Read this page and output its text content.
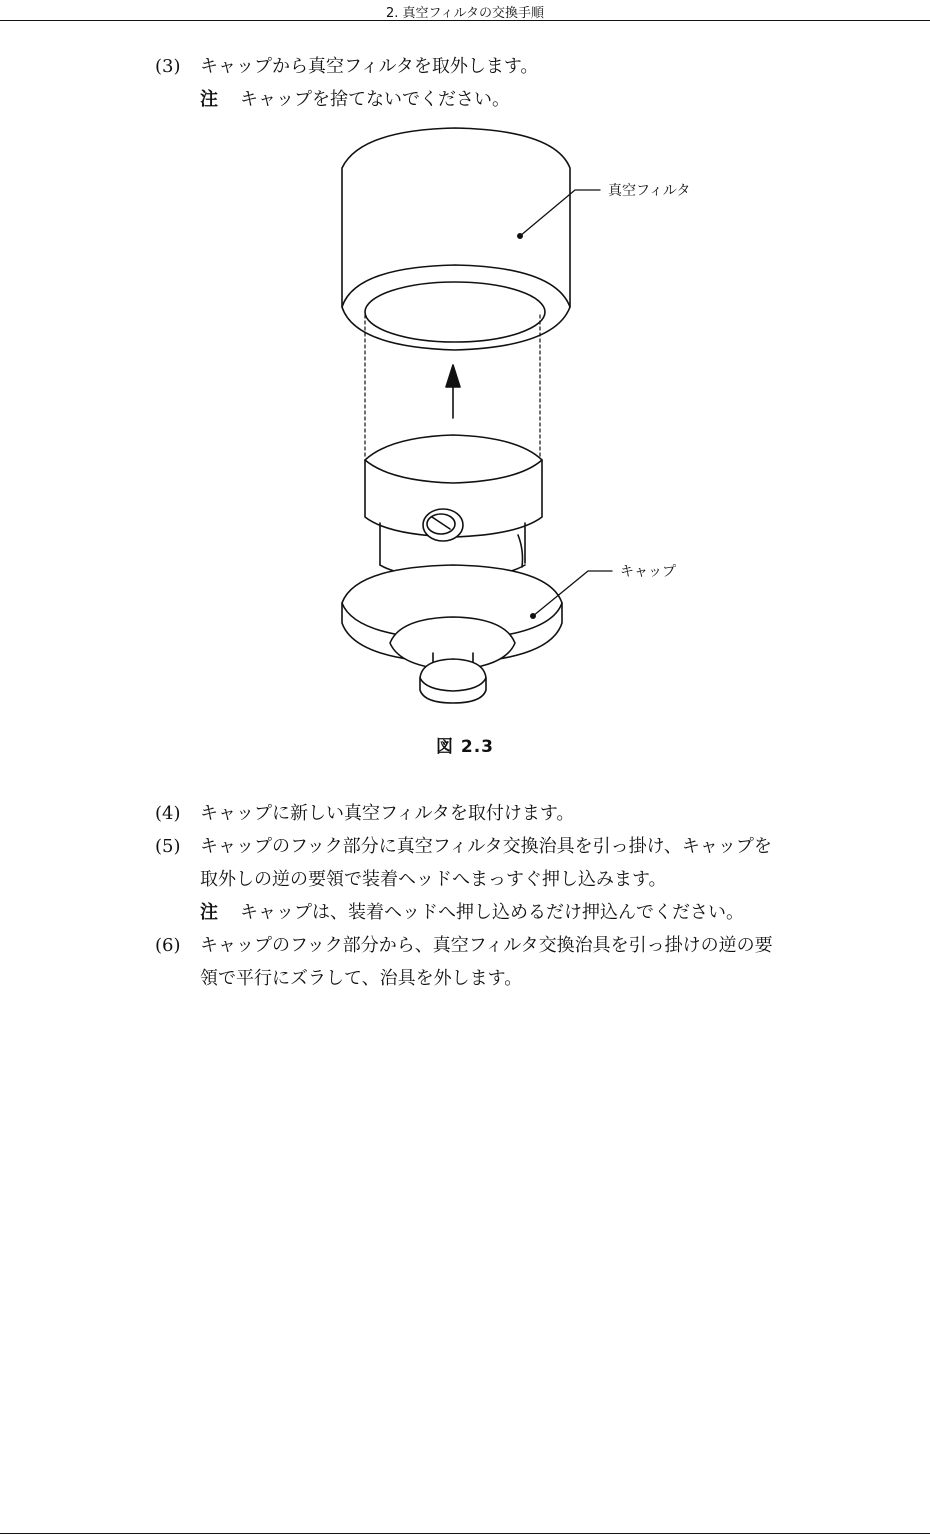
2. 真空フィルタの交換手順
(3)	キャップから真空フィルタを取外します。
注 キャップを捨てないでください。
真空フィルタ
キャップ
図 2.3
(4)	キャップに新しい真空フィルタを取付けます。
(5)	キャップのフック部分に真空フィルタ交換治具を引っ掛け、キャップを
取外しの逆の要領で装着ヘッドへまっすぐ押し込みます。
注 キャップは、装着ヘッドへ押し込めるだけ押込んでください。
(6)	キャップのフック部分から、真空フィルタ交換治具を引っ掛けの逆の要
領で平行にズラして、治具を外します。
